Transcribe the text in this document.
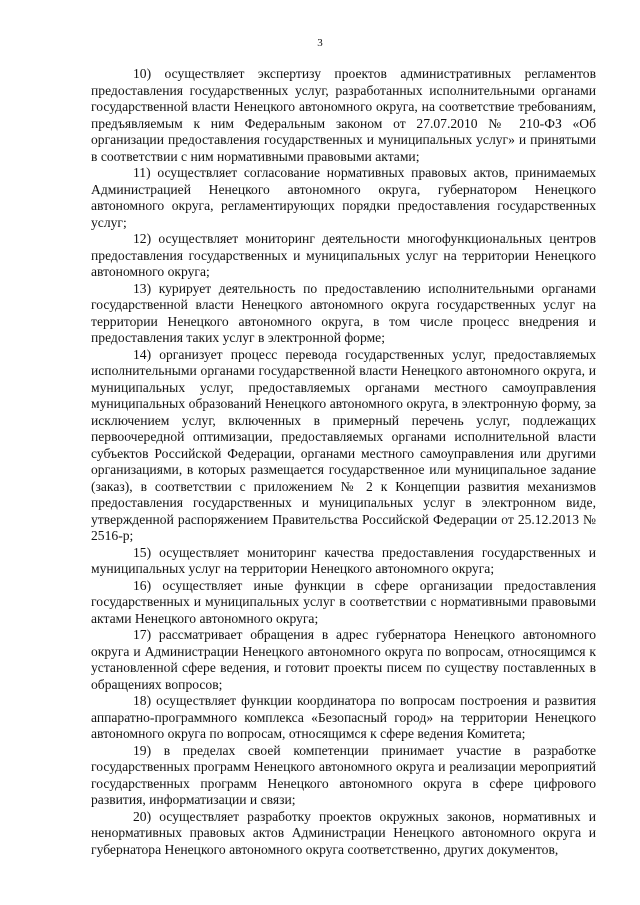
3

10) осуществляет экспертизу проектов административных регламентов предоставления государственных услуг, разработанных исполнительными органами государственной власти Ненецкого автономного округа, на соответствие требованиям, предъявляемым к ним Федеральным законом от 27.07.2010 № 210-ФЗ «Об организации предоставления государственных и муниципальных услуг» и принятыми в соответствии с ним нормативными правовыми актами;

11) осуществляет согласование нормативных правовых актов, принимаемых Администрацией Ненецкого автономного округа, губернатором Ненецкого автономного округа, регламентирующих порядки предоставления государственных услуг;

12) осуществляет мониторинг деятельности многофункциональных центров предоставления государственных и муниципальных услуг на территории Ненецкого автономного округа;

13) курирует деятельность по предоставлению исполнительными органами государственной власти Ненецкого автономного округа государственных услуг на территории Ненецкого автономного округа, в том числе процесс внедрения и предоставления таких услуг в электронной форме;

14) организует процесс перевода государственных услуг, предоставляемых исполнительными органами государственной власти Ненецкого автономного округа, и муниципальных услуг, предоставляемых органами местного самоуправления муниципальных образований Ненецкого автономного округа, в электронную форму, за исключением услуг, включенных в примерный перечень услуг, подлежащих первоочередной оптимизации, предоставляемых органами исполнительной власти субъектов Российской Федерации, органами местного самоуправления или другими организациями, в которых размещается государственное или муниципальное задание (заказ), в соответствии с приложением № 2 к Концепции развития механизмов предоставления государственных и муниципальных услуг в электронном виде, утвержденной распоряжением Правительства Российской Федерации от 25.12.2013 № 2516-р;

15) осуществляет мониторинг качества предоставления государственных и муниципальных услуг на территории Ненецкого автономного округа;

16) осуществляет иные функции в сфере организации предоставления государственных и муниципальных услуг в соответствии с нормативными правовыми актами Ненецкого автономного округа;

17) рассматривает обращения в адрес губернатора Ненецкого автономного округа и Администрации Ненецкого автономного округа по вопросам, относящимся к установленной сфере ведения, и готовит проекты писем по существу поставленных в обращениях вопросов;

18) осуществляет функции координатора по вопросам построения и развития аппаратно-программного комплекса «Безопасный город» на территории Ненецкого автономного округа по вопросам, относящимся к сфере ведения Комитета;

19) в пределах своей компетенции принимает участие в разработке государственных программ Ненецкого автономного округа и реализации мероприятий государственных программ Ненецкого автономного округа в сфере цифрового развития, информатизации и связи;

20) осуществляет разработку проектов окружных законов, нормативных и ненормативных правовых актов Администрации Ненецкого автономного округа и губернатора Ненецкого автономного округа соответственно, других документов,
